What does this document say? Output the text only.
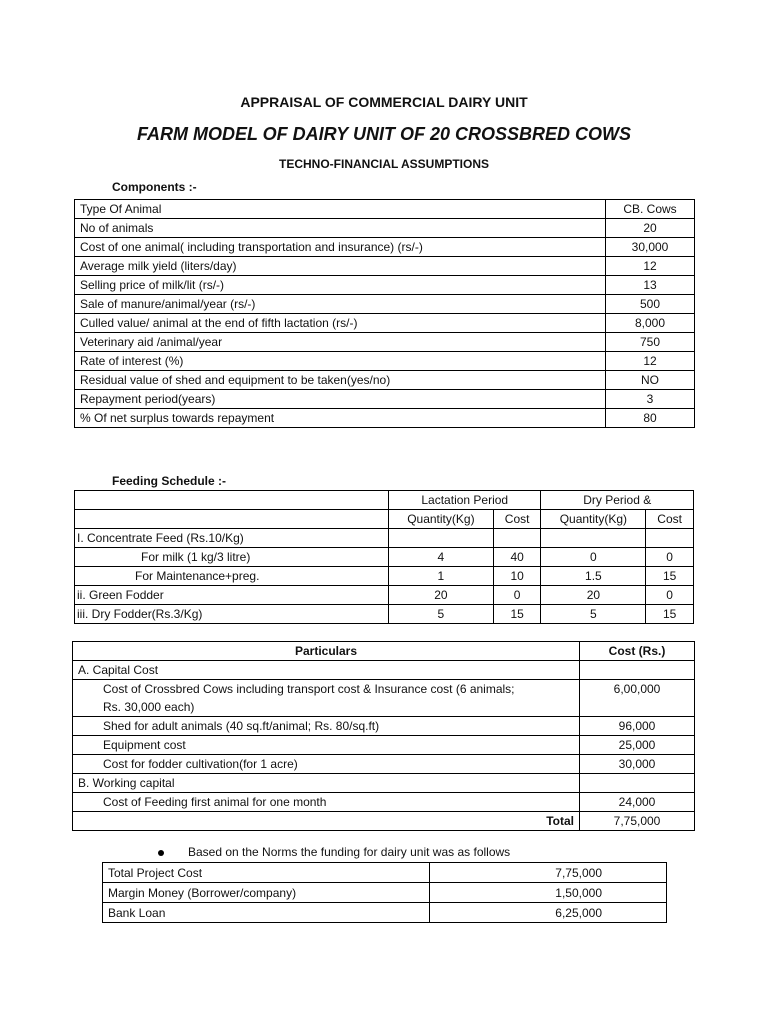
APPRAISAL OF COMMERCIAL DAIRY UNIT
FARM MODEL OF DAIRY UNIT OF 20 CROSSBRED COWS
TECHNO-FINANCIAL ASSUMPTIONS
Components :-
Type Of Animal	CB. Cows
No of animals	20
Cost of one animal( including transportation and insurance) (rs/-)	30,000
Average milk yield (liters/day)	12
Selling price of milk/lit (rs/-)	13
Sale of manure/animal/year (rs/-)	500
Culled value/ animal at the end of fifth lactation (rs/-)	8,000
Veterinary aid /animal/year	750
Rate of interest (%)	12
Residual value of shed and equipment to be taken(yes/no)	NO
Repayment period(years)	3
% Of net surplus towards repayment	80
Feeding Schedule :-
	Lactation Period		Dry Period &	
	Quantity(Kg)	Cost	Quantity(Kg)	Cost
I. Concentrate Feed (Rs.10/Kg)				
For milk (1 kg/3 litre)	4	40	0	0
For Maintenance+preg.	1	10	1.5	15
ii. Green Fodder	20	0	20	0
iii. Dry Fodder(Rs.3/Kg)	5	15	5	15
Particulars	Cost (Rs.)
A. Capital Cost	

Cost of Crossbred Cows including transport cost & Insurance cost (6 animals;
Rs. 30,000 each)	6,00,000
Shed for adult animals (40 sq.ft/animal; Rs. 80/sq.ft)	96,000
Equipment cost	25,000
Cost for fodder cultivation(for 1 acre)	30,000
B. Working capital	
Cost of Feeding first animal for one month	24,000
Total	7,75,000
Based on the Norms the funding for dairy unit was as follows
Total Project Cost	7,75,000
Margin Money (Borrower/company)	1,50,000
Bank Loan	6,25,000
